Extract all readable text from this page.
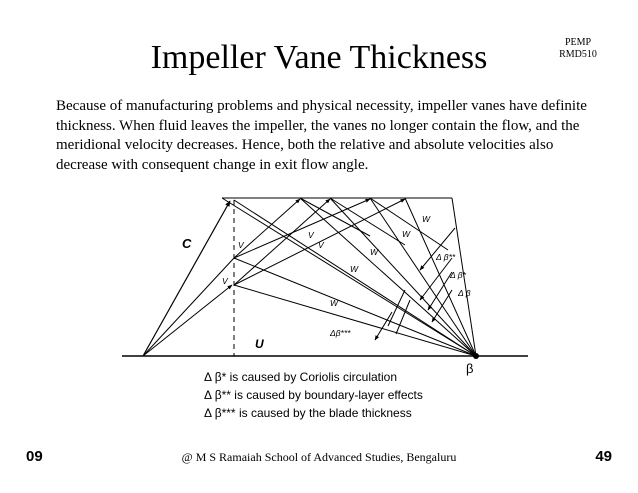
Impeller Vane Thickness	PEMP
RMD510
Because of manufacturing problems and physical necessity, impeller vanes have definite thickness. When fluid leaves the impeller, the vanes no longer contain the flow, and the meridional velocity decreases. Hence, both the relative and absolute velocities also decrease with consequent change in exit flow angle.
C
U
β
V
V
V
V
W
W
W
W
W
Δ β**
Δ β*
Δ β
Δβ***
Δ β* is caused by Coriolis circulation
Δ β** is caused by boundary-layer effects
Δ β*** is caused by the blade thickness
09	@ M S Ramaiah School of Advanced Studies, Bengaluru	49
